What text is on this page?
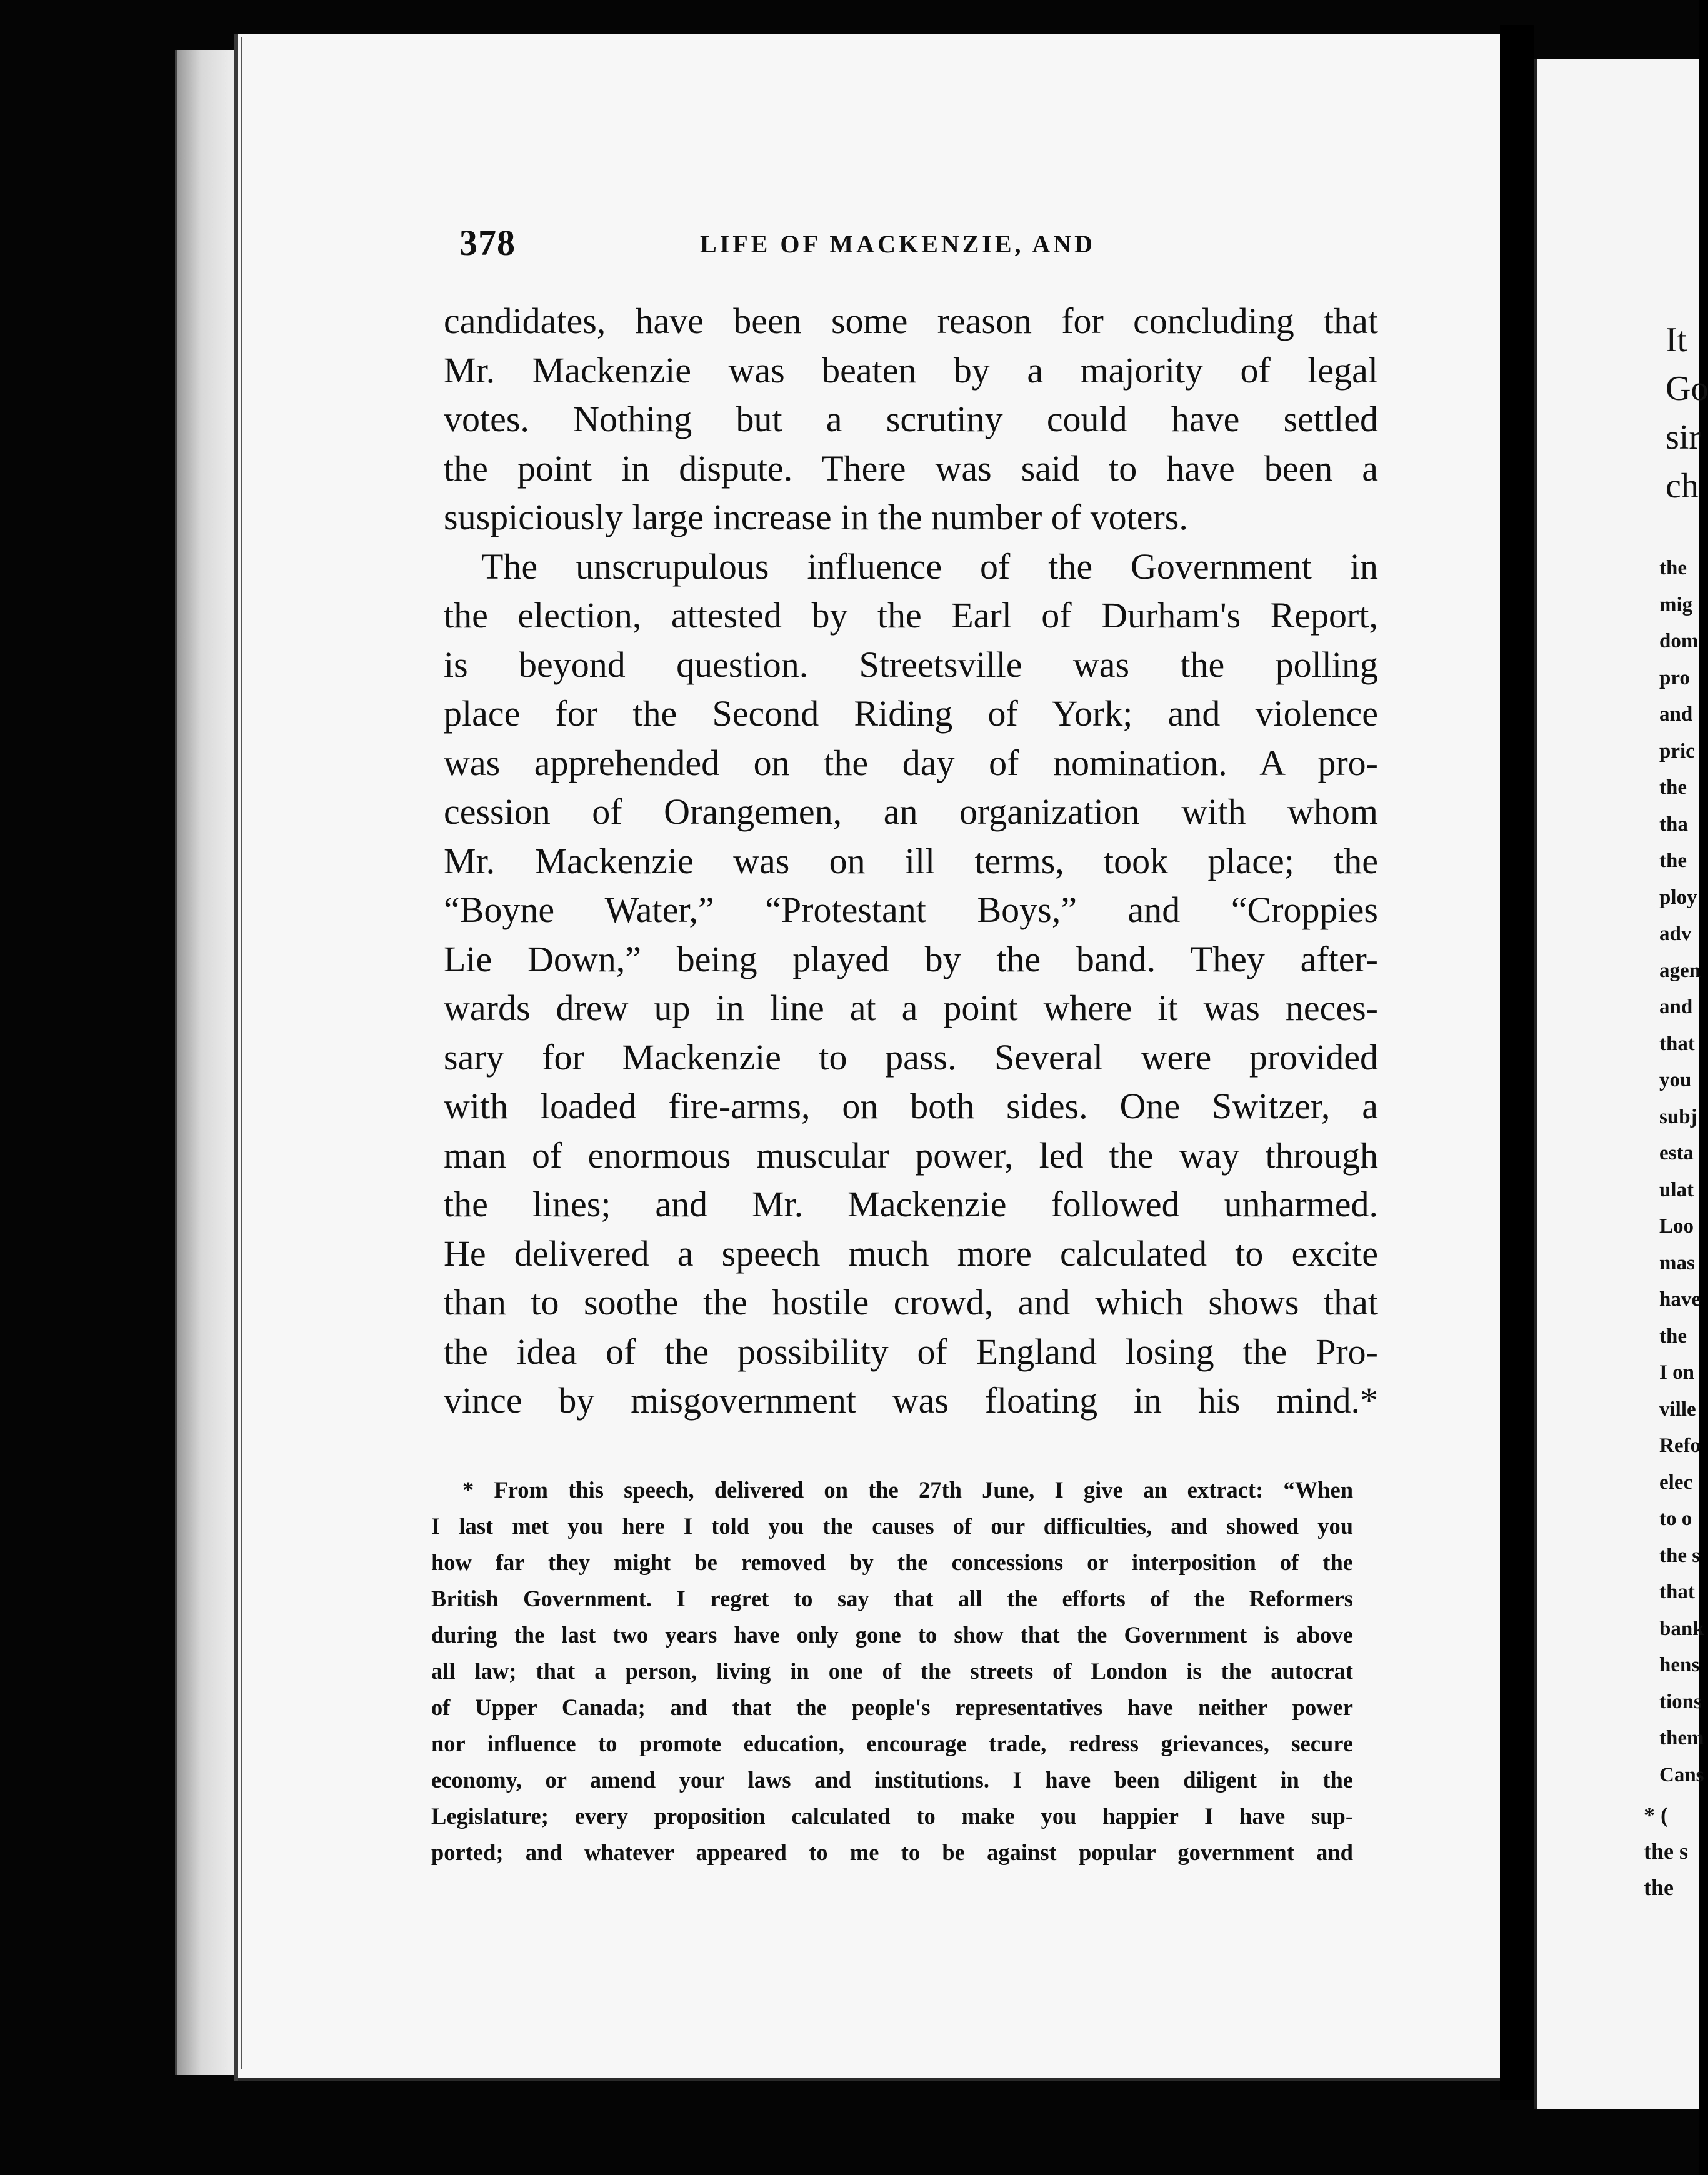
378	LIFE OF MACKENZIE, AND
candidates, have been some reason for concluding that
Mr. Mackenzie was beaten by a majority of legal
votes. Nothing but a scrutiny could have settled
the point in dispute. There was said to have been a
suspiciously large increase in the number of voters.
The unscrupulous influence of the Government in
the election, attested by the Earl of Durham's Report,
is beyond question. Streetsville was the polling
place for the Second Riding of York; and violence
was apprehended on the day of nomination. A pro-
cession of Orangemen, an organization with whom
Mr. Mackenzie was on ill terms, took place; the
“Boyne Water,” “Protestant Boys,” and “Croppies
Lie Down,” being played by the band. They after-
wards drew up in line at a point where it was neces-
sary for Mackenzie to pass. Several were provided
with loaded fire-arms, on both sides. One Switzer, a
man of enormous muscular power, led the way through
the lines; and Mr. Mackenzie followed unharmed.
He delivered a speech much more calculated to excite
than to soothe the hostile crowd, and which shows that
the idea of the possibility of England losing the Pro-
vince by misgovernment was floating in his mind.*
* From this speech, delivered on the 27th June, I give an extract: “When
I last met you here I told you the causes of our difficulties, and showed you
how far they might be removed by the concessions or interposition of the
British Government. I regret to say that all the efforts of the Reformers
during the last two years have only gone to show that the Government is above
all law; that a person, living in one of the streets of London is the autocrat
of Upper Canada; and that the people's representatives have neither power
nor influence to promote education, encourage trade, redress grievances, secure
economy, or amend your laws and institutions. I have been diligent in the
Legislature; every proposition calculated to make you happier I have sup-
ported; and whatever appeared to me to be against popular government and
It
Go
sir
ch
the
mig
dom
pro
and
pric
the
tha
the
ploy
adv
agen
and
that
you
subj
esta
ulat
Loo
mas
have
the
I on
ville
Refo
elec
to o
the s
that
bank
hens
tions
them
Cans
* (
the s
the
